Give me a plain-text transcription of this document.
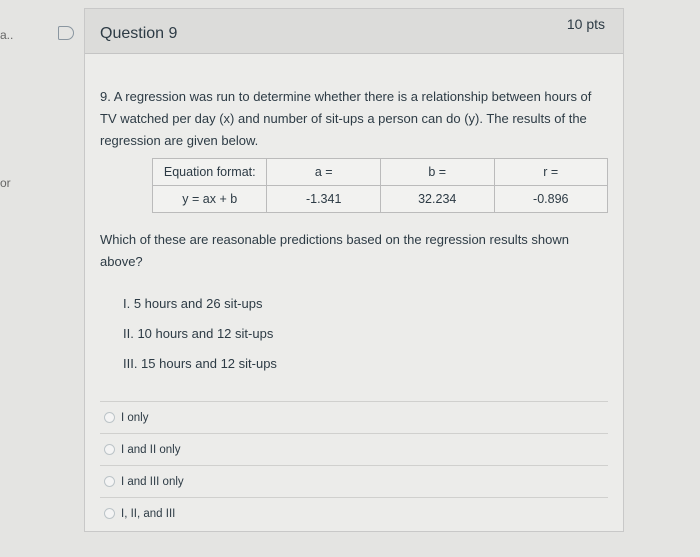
a..
or
Question 9
10 pts
9. A regression was run to determine whether there is a relationship between hours of TV watched per day (x) and number of sit-ups a person can do (y). The results of the regression are given below.
Equation format:	a =	b =	r =
y = ax + b	-1.341	32.234	-0.896
Which of these are reasonable predictions based on the regression results shown above?
I. 5 hours and 26 sit-ups
II. 10 hours and 12 sit-ups
III. 15 hours and 12 sit-ups
I only
I and II only
I and III only
I, II, and III
